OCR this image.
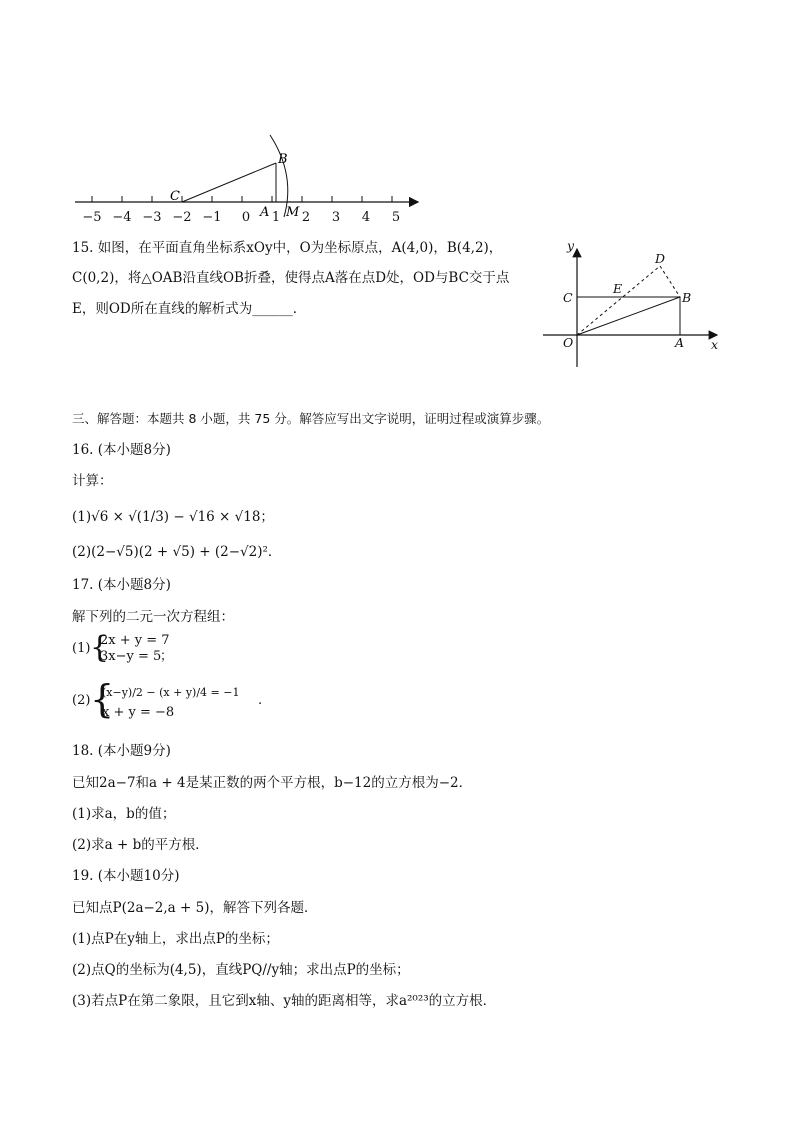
−5 −4 −3 −2 −1 0 1 2 3 4 5
C
B
A M
15. 如图，在平面直角坐标系xOy中，O为坐标原点，A(4,0)，B(4,2)，
C(0,2)，将△OAB沿直线OB折叠，使得点A落在点D处，OD与BC交于点
E，则OD所在直线的解析式为______．
y
x
O	A
B
C
D
E
三、解答题：本题共 8 小题，共 75 分。解答应写出文字说明，证明过程或演算步骤。
16. (本小题8分)
计算：
(1)√6 × √(1/3) − √16 × √18；
(2)(2−√5)(2 + √5) + (2−√2)²．
17. (本小题8分)
解下列的二元一次方程组：
(1) {
2x + y = 7
3x−y = 5
；
(2) {
(x−y)/2 − (x + y)/4 = −1
x + y = −8
.
18. (本小题9分)
已知2a−7和a + 4是某正数的两个平方根，b−12的立方根为−2．
(1)求a，b的值；
(2)求a + b的平方根．
19. (本小题10分)
已知点P(2a−2,a + 5)，解答下列各题．
(1)点P在y轴上，求出点P的坐标；
(2)点Q的坐标为(4,5)，直线PQ//y轴；求出点P的坐标；
(3)若点P在第二象限，且它到x轴、y轴的距离相等，求a²⁰²³的立方根．
